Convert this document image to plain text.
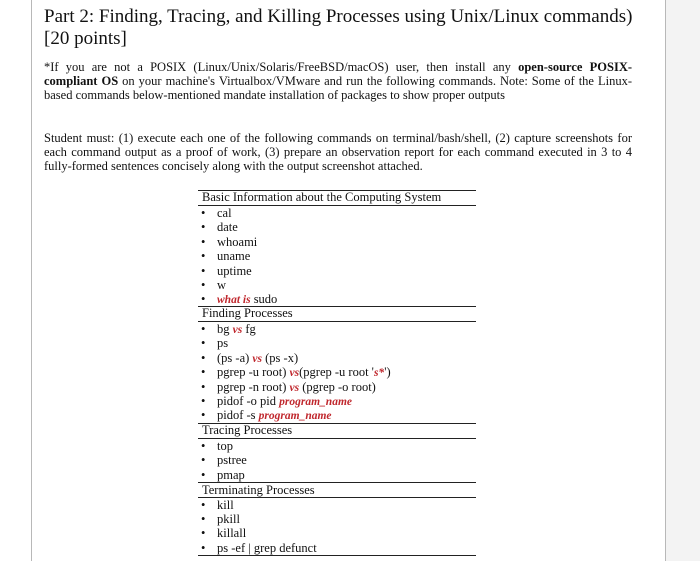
Part 2: Finding, Tracing, and Killing Processes using Unix/Linux commands) [20 points]
*If you are not a POSIX (Linux/Unix/Solaris/FreeBSD/macOS) user, then install any open-source POSIX-compliant OS on your machine's Virtualbox/VMware and run the following commands. Note: Some of the Linux-based commands below-mentioned mandate installation of packages to show proper outputs
Student must: (1) execute each one of the following commands on terminal/bash/shell, (2) capture screenshots for each command output as a proof of work, (3) prepare an observation report for each command executed in 3 to 4 fully-formed sentences concisely along with the output screenshot attached.
Basic Information about the Computing System
• cal
• date
• whoami
• uname
• uptime
• w
• what is sudo
Finding Processes
• bg vs fg
• ps
• (ps -a) vs (ps -x)
• pgrep -u root) vs(pgrep -u root 's*')
• pgrep -n root) vs (pgrep -o root)
• pidof -o pid program_name
• pidof -s program_name
Tracing Processes
• top
• pstree
• pmap
Terminating Processes
• kill
• pkill
• killall
• ps -ef | grep defunct
